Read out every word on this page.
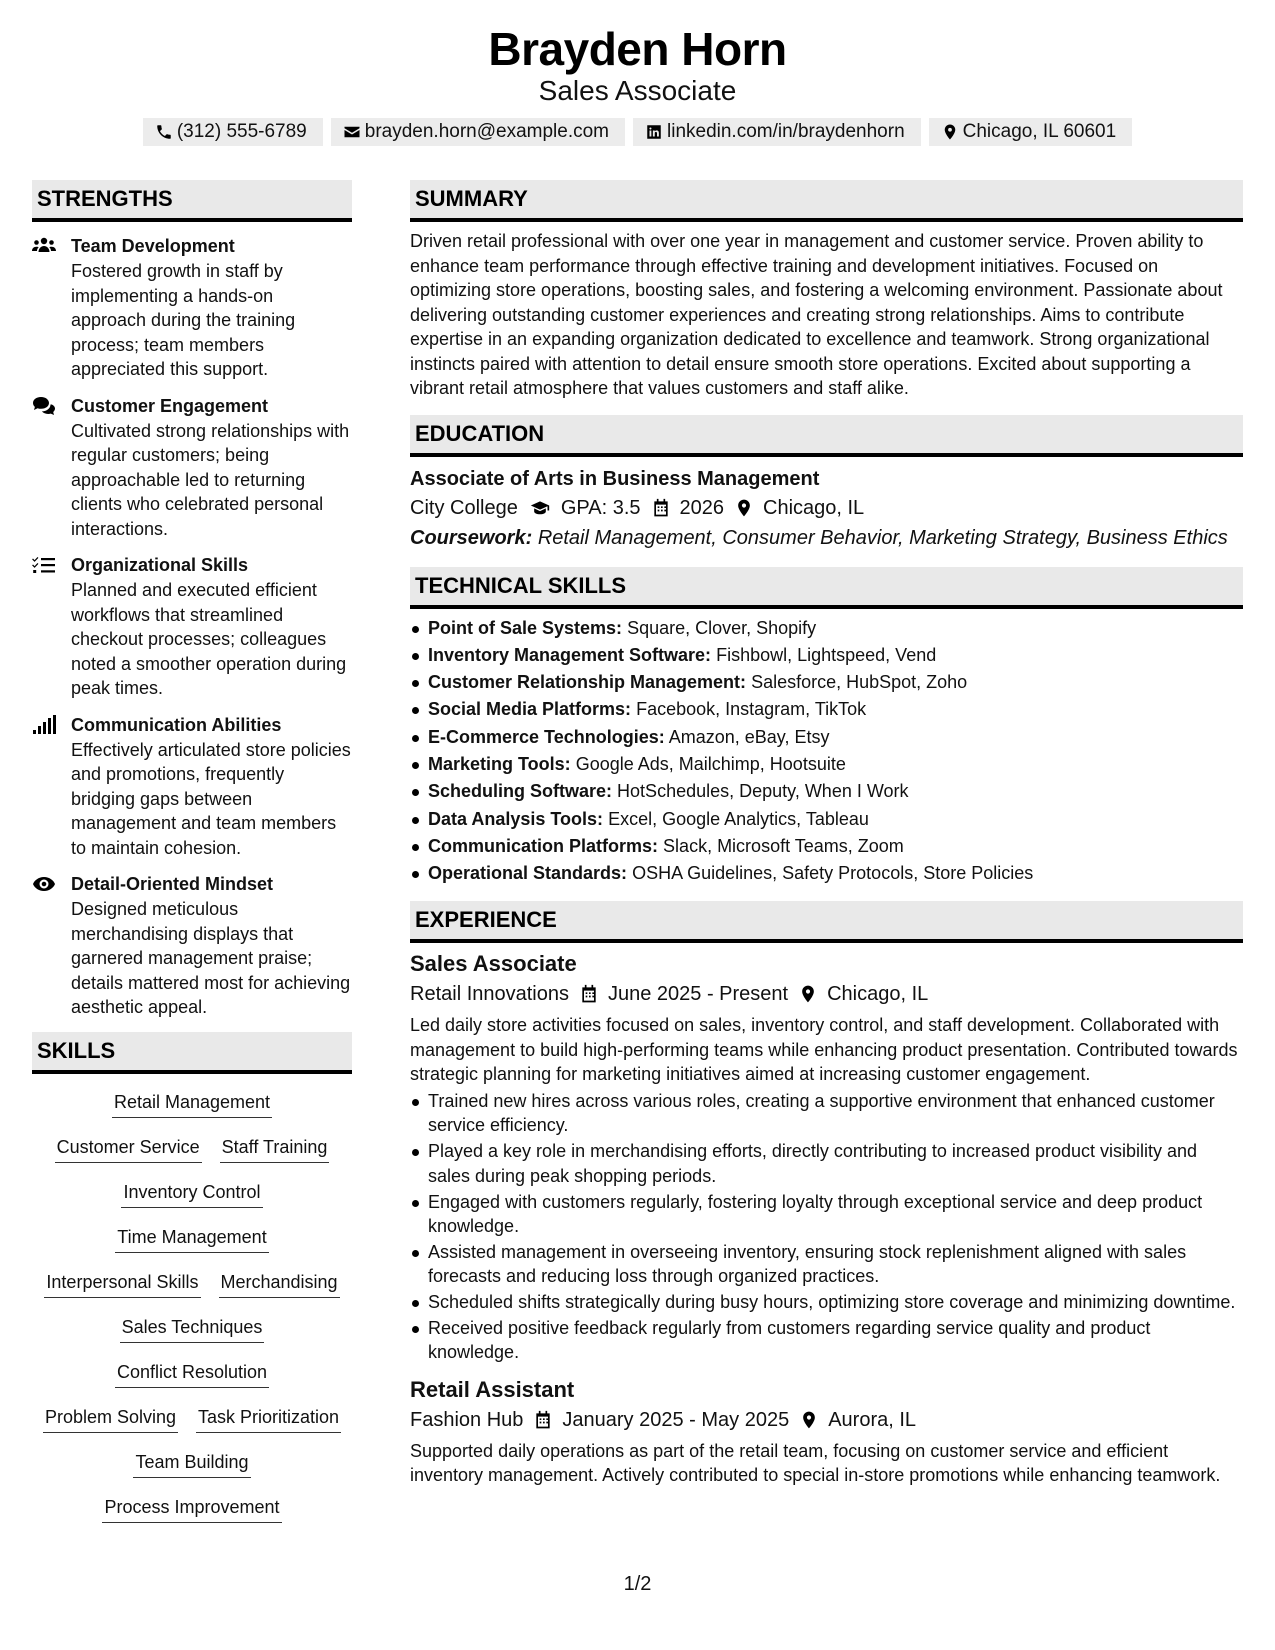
Brayden Horn
Sales Associate
(312) 555-6789	brayden.horn@example.com	linkedin.com/in/braydenhorn	Chicago, IL 60601
STRENGTHS
Team Development
Fostered growth in staff by implementing a hands-on approach during the training process; team members appreciated this support.
Customer Engagement
Cultivated strong relationships with regular customers; being approachable led to returning clients who celebrated personal interactions.
Organizational Skills
Planned and executed efficient workflows that streamlined checkout processes; colleagues noted a smoother operation during peak times.
Communication Abilities
Effectively articulated store policies and promotions, frequently bridging gaps between management and team members to maintain cohesion.
Detail-Oriented Mindset
Designed meticulous merchandising displays that garnered management praise; details mattered most for achieving aesthetic appeal.
SKILLS
Retail Management
Customer Service Staff Training
Inventory Control
Time Management
Interpersonal Skills Merchandising
Sales Techniques
Conflict Resolution
Problem Solving Task Prioritization
Team Building
Process Improvement
SUMMARY
Driven retail professional with over one year in management and customer service. Proven ability to enhance team performance through effective training and development initiatives. Focused on optimizing store operations, boosting sales, and fostering a welcoming environment. Passionate about delivering outstanding customer experiences and creating strong relationships. Aims to contribute expertise in an expanding organization dedicated to excellence and teamwork. Strong organizational instincts paired with attention to detail ensure smooth store operations. Excited about supporting a vibrant retail atmosphere that values customers and staff alike.
EDUCATION
Associate of Arts in Business Management
City College GPA: 3.5 2026 Chicago, IL
Coursework: Retail Management, Consumer Behavior, Marketing Strategy, Business Ethics
TECHNICAL SKILLS
Point of Sale Systems: Square, Clover, Shopify
Inventory Management Software: Fishbowl, Lightspeed, Vend
Customer Relationship Management: Salesforce, HubSpot, Zoho
Social Media Platforms: Facebook, Instagram, TikTok
E-Commerce Technologies: Amazon, eBay, Etsy
Marketing Tools: Google Ads, Mailchimp, Hootsuite
Scheduling Software: HotSchedules, Deputy, When I Work
Data Analysis Tools: Excel, Google Analytics, Tableau
Communication Platforms: Slack, Microsoft Teams, Zoom
Operational Standards: OSHA Guidelines, Safety Protocols, Store Policies
EXPERIENCE
Sales Associate
Retail Innovations June 2025 - Present Chicago, IL
Led daily store activities focused on sales, inventory control, and staff development. Collaborated with management to build high-performing teams while enhancing product presentation. Contributed towards strategic planning for marketing initiatives aimed at increasing customer engagement.
Trained new hires across various roles, creating a supportive environment that enhanced customer service efficiency.
Played a key role in merchandising efforts, directly contributing to increased product visibility and sales during peak shopping periods.
Engaged with customers regularly, fostering loyalty through exceptional service and deep product knowledge.
Assisted management in overseeing inventory, ensuring stock replenishment aligned with sales forecasts and reducing loss through organized practices.
Scheduled shifts strategically during busy hours, optimizing store coverage and minimizing downtime.
Received positive feedback regularly from customers regarding service quality and product knowledge.
Retail Assistant
Fashion Hub January 2025 - May 2025 Aurora, IL
Supported daily operations as part of the retail team, focusing on customer service and efficient inventory management. Actively contributed to special in-store promotions while enhancing teamwork.
1/2
